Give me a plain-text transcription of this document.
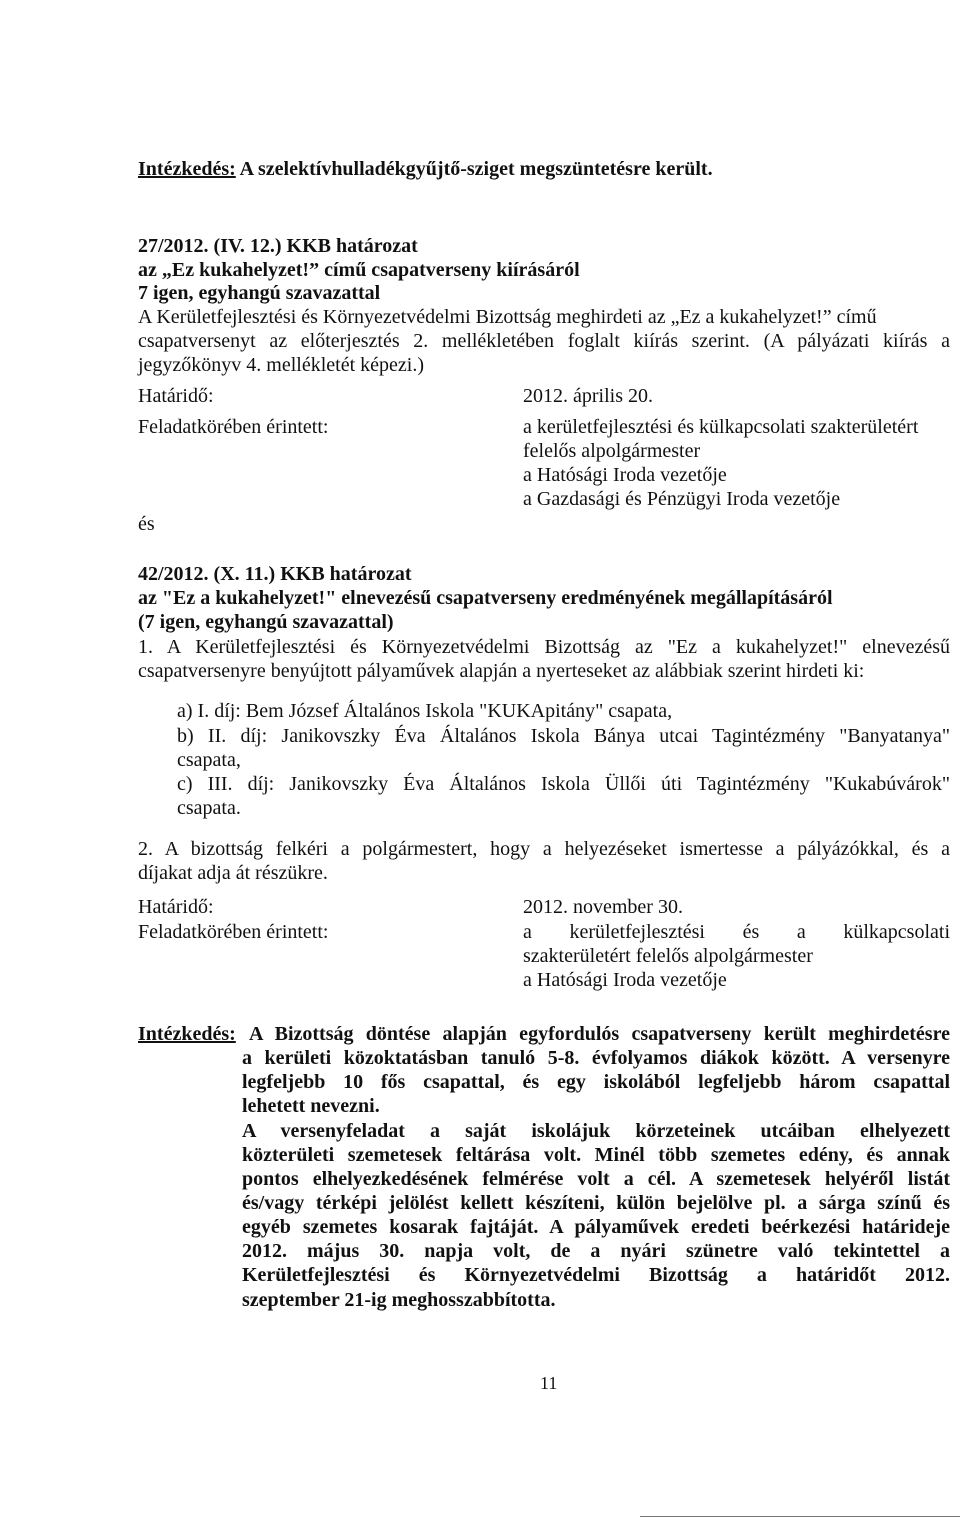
Intézkedés: A szelektívhulladékgyűjtő-sziget megszüntetésre került.
27/2012. (IV. 12.) KKB határozat
az „Ez kukahelyzet!” című csapatverseny kiírásáról
7 igen, egyhangú szavazattal
A Kerületfejlesztési és Környezetvédelmi Bizottság meghirdeti az „Ez a kukahelyzet!” című
csapatversenyt az előterjesztés 2. mellékletében foglalt kiírás szerint. (A pályázati kiírás a
jegyzőkönyv 4. mellékletét képezi.)
Határidő:	2012. április 20.
Feladatkörében érintett:	a kerületfejlesztési és külkapcsolati szakterületért
felelős alpolgármester
a Hatósági Iroda vezetője
a Gazdasági és Pénzügyi Iroda vezetője
és
42/2012. (X. 11.) KKB határozat
az "Ez a kukahelyzet!" elnevezésű csapatverseny eredményének megállapításáról
(7 igen, egyhangú szavazattal)
1. A Kerületfejlesztési és Környezetvédelmi Bizottság az "Ez a kukahelyzet!" elnevezésű
csapatversenyre benyújtott pályaművek alapján a nyerteseket az alábbiak szerint hirdeti ki:
a) I. díj: Bem József Általános Iskola "KUKApitány" csapata,
b) II. díj: Janikovszky Éva Általános Iskola Bánya utcai Tagintézmény "Banyatanya"
csapata,
c) III. díj: Janikovszky Éva Általános Iskola Üllői úti Tagintézmény "Kukabúvárok"
csapata.
2. A bizottság felkéri a polgármestert, hogy a helyezéseket ismertesse a pályázókkal, és a
díjakat adja át részükre.
Határidő:	2012. november 30.
Feladatkörében érintett:	a kerületfejlesztési és a külkapcsolati
szakterületért felelős alpolgármester
a Hatósági Iroda vezetője
Intézkedés: A Bizottság döntése alapján egyfordulós csapatverseny került meghirdetésre
a kerületi közoktatásban tanuló 5-8. évfolyamos diákok között. A versenyre
legfeljebb 10 fős csapattal, és egy iskolából legfeljebb három csapattal
lehetett nevezni.
A versenyfeladat a saját iskolájuk körzeteinek utcáiban elhelyezett
közterületi szemetesek feltárása volt. Minél több szemetes edény, és annak
pontos elhelyezkedésének felmérése volt a cél. A szemetesek helyéről listát
és/vagy térképi jelölést kellett készíteni, külön bejelölve pl. a sárga színű és
egyéb szemetes kosarak fajtáját. A pályaművek eredeti beérkezési határideje
2012. május 30. napja volt, de a nyári szünetre való tekintettel a
Kerületfejlesztési és Környezetvédelmi Bizottság a határidőt 2012.
szeptember 21-ig meghosszabbította.
11
